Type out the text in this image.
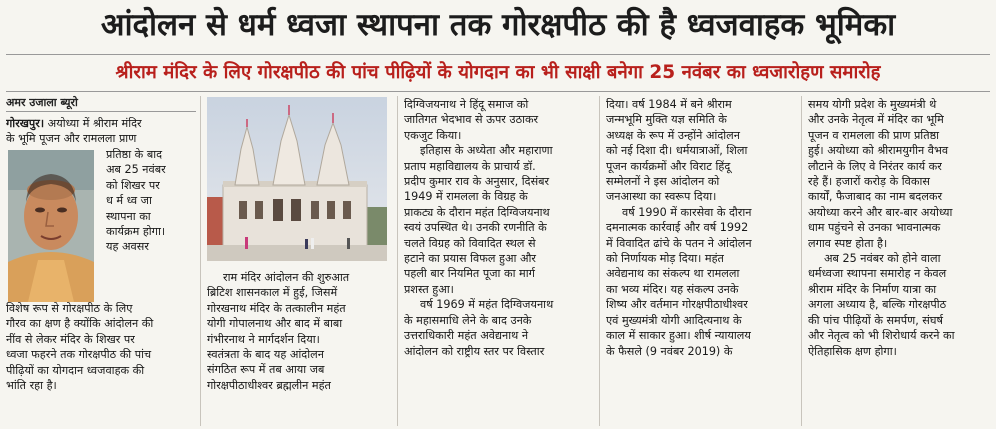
आंदोलन से धर्म ध्वजा स्थापना तक गोरक्षपीठ की है ध्वजवाहक भूमिका
श्रीराम मंदिर के लिए गोरक्षपीठ की पांच पीढ़ियों के योगदान का भी साक्षी बनेगा 25 नवंबर का ध्वजारोहण समारोह
अमर उजाला ब्यूरो
गोरखपुर। अयोध्या में श्रीराम मंदिर
के भूमि पूजन और रामलला प्राण
प्रतिष्ठा के बाद
अब 25 नवंबर
को शिखर पर
ध र्म ध्व जा
स्थापना का
कार्यक्रम होगा।
यह अवसर
विशेष रूप से गोरक्षपीठ के लिए
गौरव का क्षण है क्योंकि आंदोलन की
नींव से लेकर मंदिर के शिखर पर
ध्वजा फहरने तक गोरक्षपीठ की पांच
पीढ़ियों का योगदान ध्वजवाहक की
भांति रहा है।
राम मंदिर आंदोलन की शुरुआत
ब्रिटिश शासनकाल में हुई, जिसमें
गोरखनाथ मंदिर के तत्कालीन महंत
योगी गोपालनाथ और बाद में बाबा
गंभीरनाथ ने मार्गदर्शन दिया।
स्वतंत्रता के बाद यह आंदोलन
संगठित रूप में तब आया जब
गोरक्षपीठाधीश्वर ब्रह्मलीन महंत
दिग्विजयनाथ ने हिंदू समाज को
जातिगत भेदभाव से ऊपर उठाकर
एकजुट किया।
इतिहास के अध्येता और महाराणा
प्रताप महाविद्यालय के प्राचार्य डॉ.
प्रदीप कुमार राव के अनुसार, दिसंबर
1949 में रामलला के विग्रह के
प्राकट्य के दौरान महंत दिग्विजयनाथ
स्वयं उपस्थित थे। उनकी रणनीति के
चलते विग्रह को विवादित स्थल से
हटाने का प्रयास विफल हुआ और
पहली बार नियमित पूजा का मार्ग
प्रशस्त हुआ।
वर्ष 1969 में महंत दिग्विजयनाथ
के महासमाधि लेने के बाद उनके
उत्तराधिकारी महंत अवेद्यनाथ ने
आंदोलन को राष्ट्रीय स्तर पर विस्तार
दिया। वर्ष 1984 में बने श्रीराम
जन्मभूमि मुक्ति यज्ञ समिति के
अध्यक्ष के रूप में उन्होंने आंदोलन
को नई दिशा दी। धर्मयात्राओं, शिला
पूजन कार्यक्रमों और विराट हिंदू
सम्मेलनों ने इस आंदोलन को
जनआस्था का स्वरूप दिया।
वर्ष 1990 में कारसेवा के दौरान
दमनात्मक कार्रवाई और वर्ष 1992
में विवादित ढांचे के पतन ने आंदोलन
को निर्णायक मोड़ दिया। महंत
अवेद्यनाथ का संकल्प था रामलला
का भव्य मंदिर। यह संकल्प उनके
शिष्य और वर्तमान गोरक्षपीठाधीश्वर
एवं मुख्यमंत्री योगी आदित्यनाथ के
काल में साकार हुआ। शीर्ष न्यायालय
के फैसले (9 नवंबर 2019) के
समय योगी प्रदेश के मुख्यमंत्री थे
और उनके नेतृत्व में मंदिर का भूमि
पूजन व रामलला की प्राण प्रतिष्ठा
हुई। अयोध्या को श्रीरामयुगीन वैभव
लौटाने के लिए वे निरंतर कार्य कर
रहे हैं। हजारों करोड़ के विकास
कार्यों, फैजाबाद का नाम बदलकर
अयोध्या करने और बार-बार अयोध्या
धाम पहुंचने से उनका भावनात्मक
लगाव स्पष्ट होता है।
अब 25 नवंबर को होने वाला
धर्मध्वजा स्थापना समारोह न केवल
श्रीराम मंदिर के निर्माण यात्रा का
अगला अध्याय है, बल्कि गोरक्षपीठ
की पांच पीढ़ियों के समर्पण, संघर्ष
और नेतृत्व को भी शिरोधार्य करने का
ऐतिहासिक क्षण होगा।
